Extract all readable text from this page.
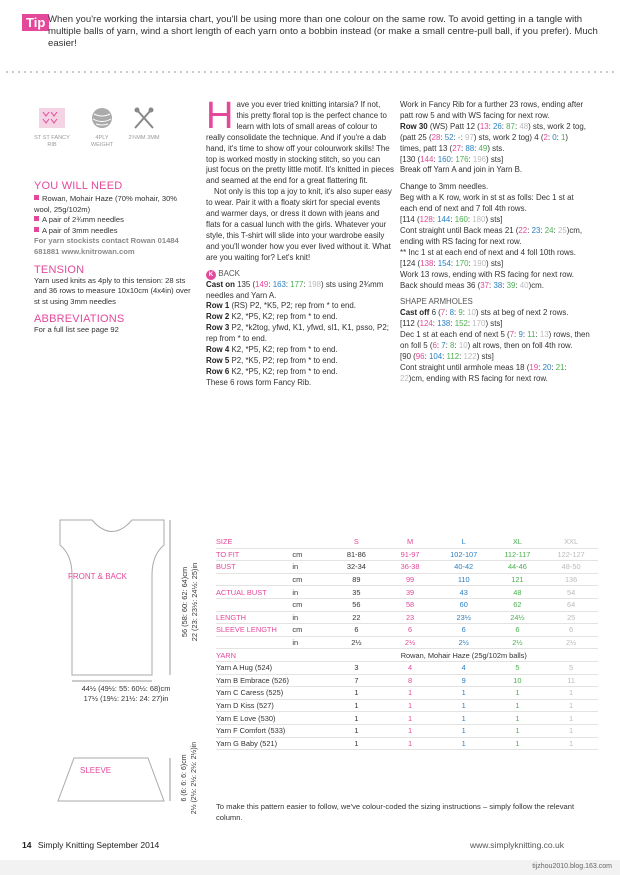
Tip When you're working the intarsia chart, you'll be using more than one colour on the same row. To avoid getting in a tangle with multiple balls of yarn, wind a short length of each yarn onto a bobbin instead (or make a small centre-pull ball, if you prefer). Much easier!
ST ST FANCY RIB
4PLY WEIGHT
2¾MM 3MM
YOU WILL NEED
Rowan, Mohair Haze (70% mohair, 30% wool, 25g/102m)
A pair of 2¾mm needles
A pair of 3mm needles
For yarn stockists contact Rowan 01484 681881 www.knitrowan.com
TENSION
Yarn used knits as 4ply to this tension: 28 sts and 36 rows to measure 10x10cm (4x4in) over st st using 3mm needles
ABBREVIATIONS
For a full list see page 92
H ave you ever tried knitting intarsia? If not, this pretty floral top is the perfect chance to learn with lots of small areas of colour to really consolidate the technique. And if you're a dab hand, it's time to show off your colourwork skills! The top is worked mostly in stocking stitch, so you can just focus on the pretty little motif. It's knitted in pieces and seamed at the end for a great flattering fit.
Not only is this top a joy to knit, it's also super easy to wear. Pair it with a floaty skirt for special events and warmer days, or dress it down with jeans and flats for a casual lunch with the girls. Whatever your style, this T-shirt will slide into your wardrobe easily and you'll wonder how you ever lived without it. What are you waiting for? Let's knit!
K BACK
Cast on 135 (149: 163: 177: 198) sts using 2¾mm needles and Yarn A.
Row 1 (RS) P2, *K5, P2; rep from * to end.
Row 2 K2, *P5, K2; rep from * to end.
Row 3 P2, *k2tog, yfwd, K1, yfwd, sl1, K1, psso, P2; rep from * to end.
Row 4 K2, *P5, K2; rep from * to end.
Row 5 P2, *K5, P2; rep from * to end.
Row 6 K2, *P5, K2; rep from * to end.
These 6 rows form Fancy Rib.
Work in Fancy Rib for a further 23 rows, ending after patt row 5 and with WS facing for next row.
Row 30 (WS) Patt 12 (13: 26: 87: 48) sts, work 2 tog, (patt 25 (28: 52: -: 97) sts, work 2 tog) 4 (2: 0: 1) times, patt 13 (27: 88: 49) sts.
[130 (144: 160: 176: 196) sts]
Break off Yarn A and join in Yarn B.
Change to 3mm needles.
Beg with a K row, work in st st as folls: Dec 1 st at each end of next and 7 foll 4th rows.
[114 (128: 144: 160: 180) sts]
Cont straight until Back meas 21 (22: 23: 24: 25)cm, ending with RS facing for next row.
** Inc 1 st at each end of next and 4 foll 10th rows.
[124 (138: 154: 170: 190) sts]
Work 13 rows, ending with RS facing for next row. Back should meas 36 (37: 38: 39: 40)cm.
SHAPE ARMHOLES
Cast off 6 (7: 8: 9: 10) sts at beg of next 2 rows.
[112 (124: 138: 152: 170) sts]
Dec 1 st at each end of next 5 (7: 9: 11: 13) rows, then on foll 5 (6: 7: 8: 10) alt rows, then on foll 4th row.
[90 (96: 104: 112: 122) sts]
Cont straight until armhole meas 18 (19: 20: 21: 22)cm, ending with RS facing for next row.
FRONT & BACK
SLEEVE
44½ (49½: 55: 60½: 68)cm
17½ (19½: 21½: 24: 27)in
56 (58: 60: 62: 64)cm 22 (23: 23½: 24½: 25)in
6 (6: 6: 6: 6)cm 2½ (2½: 2½: 2½: 2½)in
SIZE		S	M	L	XL	XXL
TO FIT	cm	81-86	91-97	102-107	112-117	122-127
BUST	in	32-34	36-38	40-42	44-46	48-50
	cm	89	99	110	121	136
ACTUAL BUST	in	35	39	43	48	54
	cm	56	58	60	62	64
LENGTH	in	22	23	23½	24½	25
SLEEVE LENGTH	cm	6	6	6	6	6
	in	2½	2½	2½	2½	2½
YARN		Rowan, Mohair Haze (25g/102m balls)				
Yarn A Hug (524)		3	4	4	5	5
Yarn B Embrace (526)		7	8	9	10	11
Yarn C Caress (525)		1	1	1	1	1
Yarn D Kiss (527)		1	1	1	1	1
Yarn E Love (530)		1	1	1	1	1
Yarn F Comfort (533)		1	1	1	1	1
Yarn G Baby (521)		1	1	1	1	1
To make this pattern easier to follow, we've colour-coded the sizing instructions – simply follow the relevant column.
14 Simply Knitting September 2014	www.simplyknitting.co.uk
tijzhou2010.blog.163.com
